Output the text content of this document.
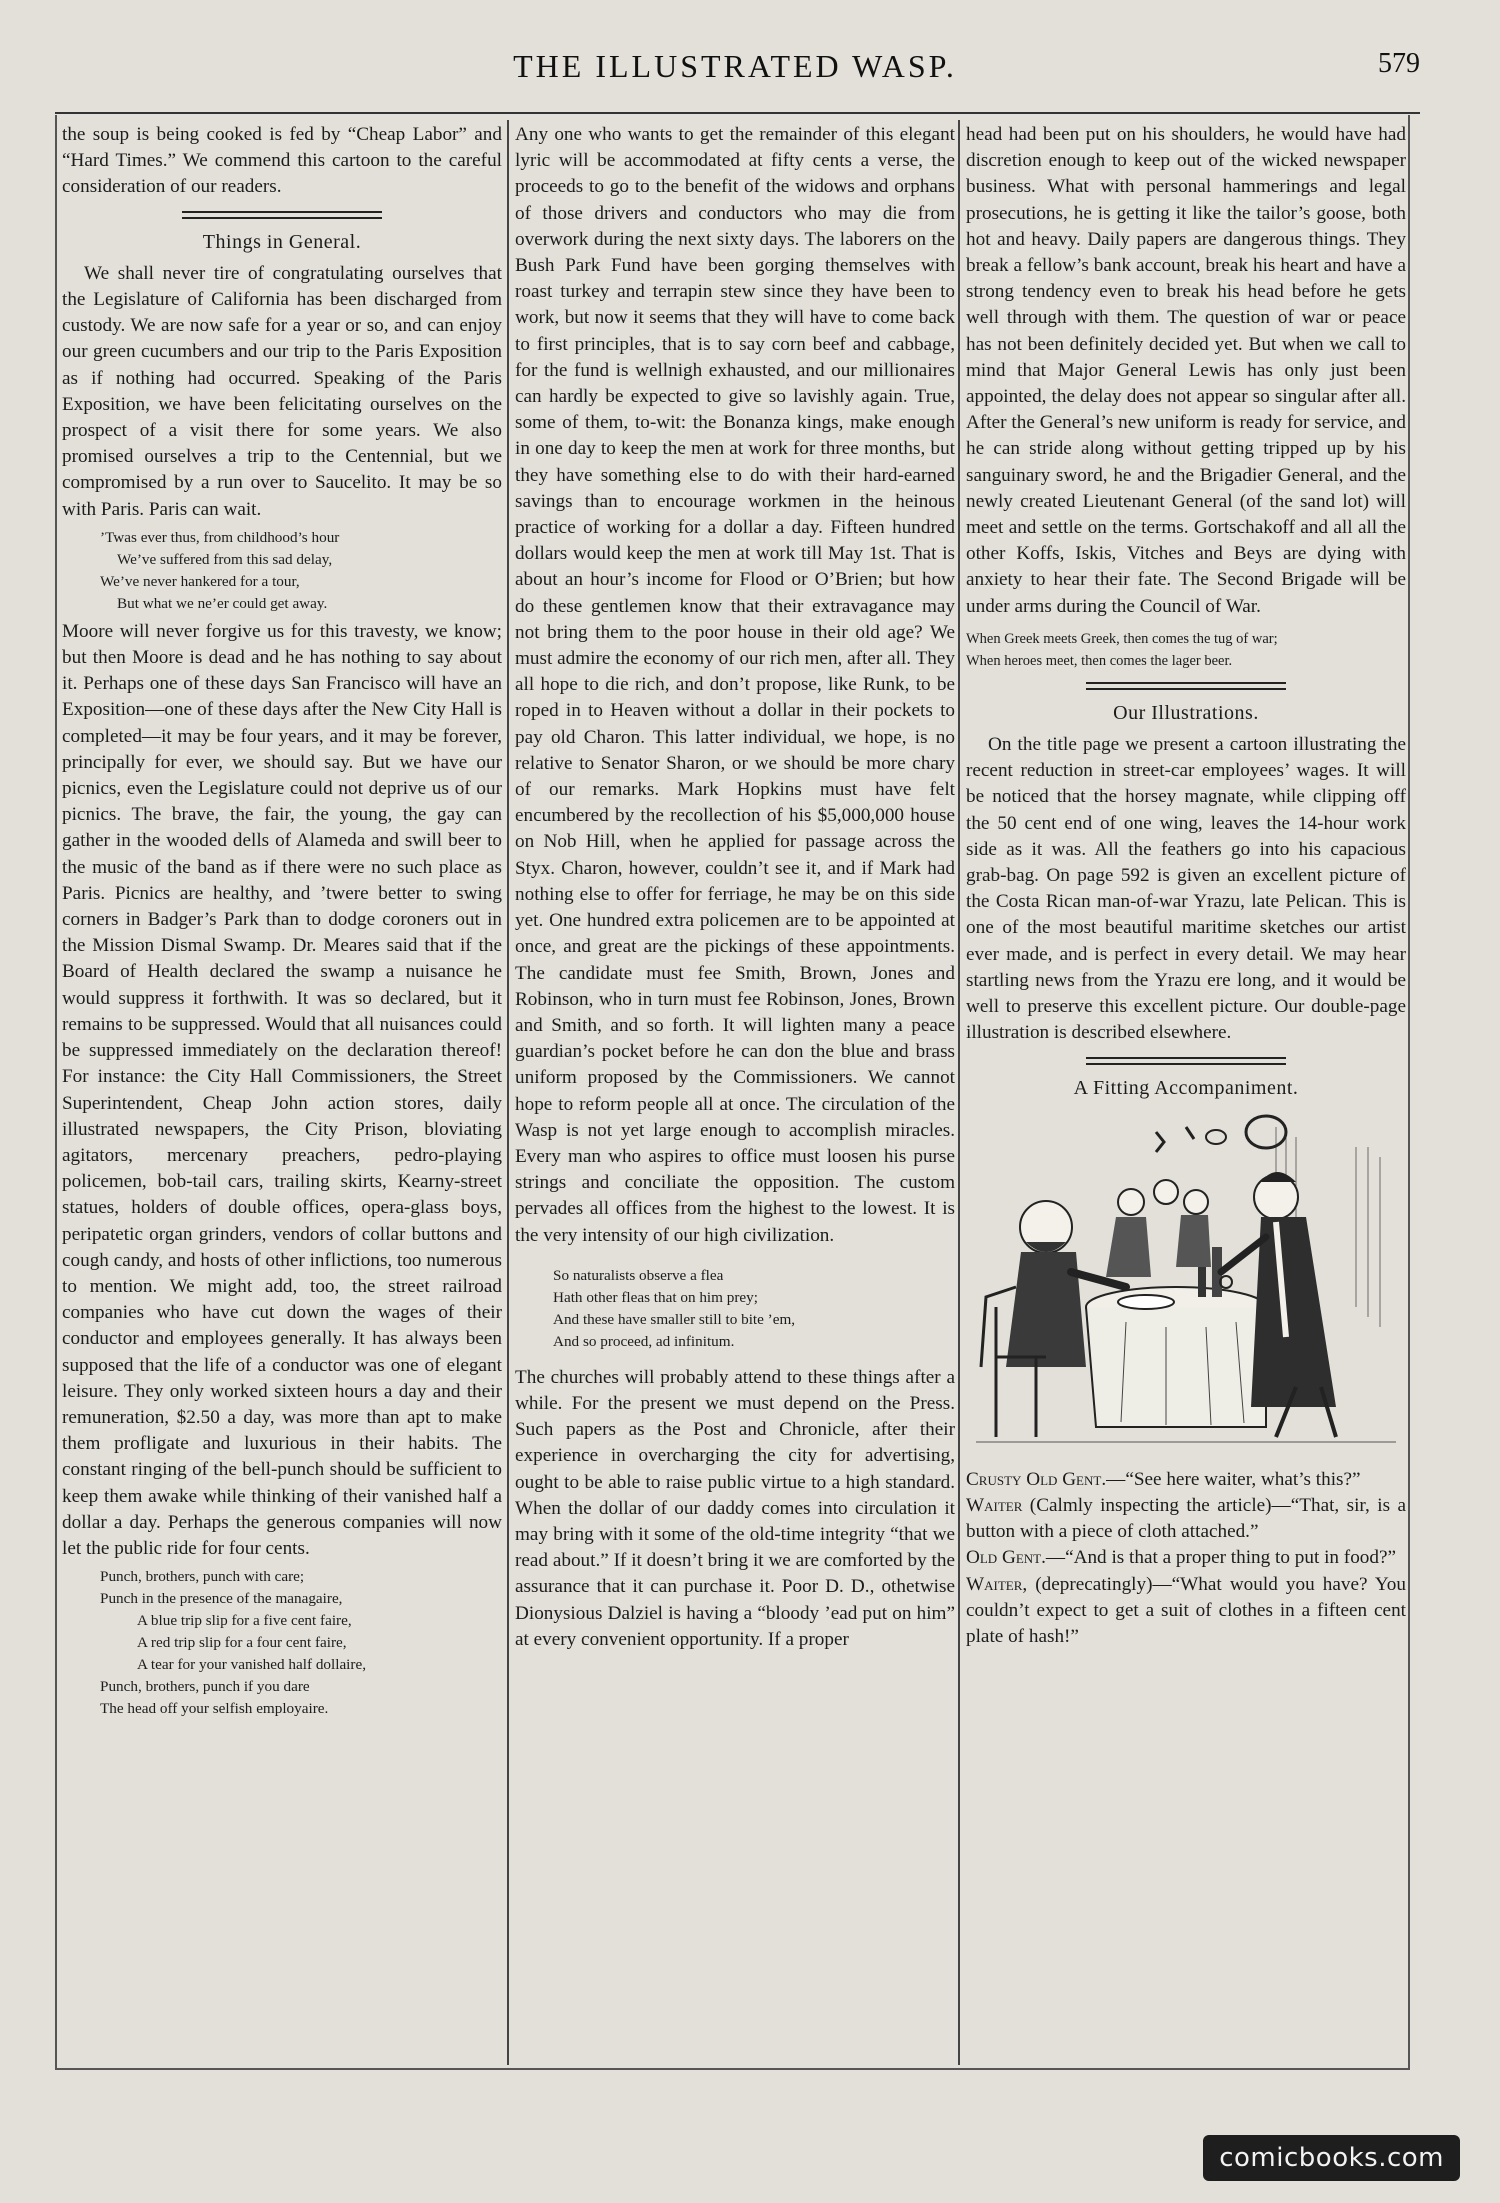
THE ILLUSTRATED WASP.	579

the soup is being cooked is fed by “Cheap Labor” and “Hard Times.” We commend this cartoon to the careful consideration of our readers.

Things in General.

We shall never tire of congratulating ourselves that the Legislature of California has been discharged from custody. We are now safe for a year or so, and can enjoy our green cucumbers and our trip to the Paris Exposition as if nothing had occurred. Speaking of the Paris Exposition, we have been felicitating ourselves on the prospect of a visit there for some years. We also promised ourselves a trip to the Centennial, but we compromised by a run over to Saucelito. It may be so with Paris. Paris can wait.

’Twas ever thus, from childhood’s hour
We’ve suffered from this sad delay,
We’ve never hankered for a tour,
But what we ne’er could get away.

Moore will never forgive us for this travesty, we know; but then Moore is dead and he has nothing to say about it. Perhaps one of these days San Francisco will have an Exposition—one of these days after the New City Hall is completed—it may be four years, and it may be forever, principally for ever, we should say. But we have our picnics, even the Legislature could not deprive us of our picnics. The brave, the fair, the young, the gay can gather in the wooded dells of Alameda and swill beer to the music of the band as if there were no such place as Paris. Picnics are healthy, and ’twere better to swing corners in Badger’s Park than to dodge coroners out in the Mission Dismal Swamp. Dr. Meares said that if the Board of Health declared the swamp a nuisance he would suppress it forthwith. It was so declared, but it remains to be suppressed. Would that all nuisances could be suppressed immediately on the declaration thereof! For instance: the City Hall Commissioners, the Street Superintendent, Cheap John action stores, daily illustrated newspapers, the City Prison, bloviating agitators, mercenary preachers, pedro-playing policemen, bob-tail cars, trailing skirts, Kearny-street statues, holders of double offices, opera-glass boys, peripatetic organ grinders, vendors of collar buttons and cough candy, and hosts of other inflictions, too numerous to mention. We might add, too, the street railroad companies who have cut down the wages of their conductor and employees generally. It has always been supposed that the life of a conductor was one of elegant leisure. They only worked sixteen hours a day and their remuneration, $2.50 a day, was more than apt to make them profligate and luxurious in their habits. The constant ringing of the bell-punch should be sufficient to keep them awake while thinking of their vanished half a dollar a day. Perhaps the generous companies will now let the public ride for four cents.

Punch, brothers, punch with care;
Punch in the presence of the managaire,
A blue trip slip for a five cent faire,
A red trip slip for a four cent faire,
A tear for your vanished half dollaire,
Punch, brothers, punch if you dare
The head off your selfish employaire.

Any one who wants to get the remainder of this elegant lyric will be accommodated at fifty cents a verse, the proceeds to go to the benefit of the widows and orphans of those drivers and conductors who may die from overwork during the next sixty days. The laborers on the Bush Park Fund have been gorging themselves with roast turkey and terrapin stew since they have been to work, but now it seems that they will have to come back to first principles, that is to say corn beef and cabbage, for the fund is wellnigh exhausted, and our millionaires can hardly be expected to give so lavishly again. True, some of them, to-wit: the Bonanza kings, make enough in one day to keep the men at work for three months, but they have something else to do with their hard-earned savings than to encourage workmen in the heinous practice of working for a dollar a day. Fifteen hundred dollars would keep the men at work till May 1st. That is about an hour’s income for Flood or O’Brien; but how do these gentlemen know that their extravagance may not bring them to the poor house in their old age? We must admire the economy of our rich men, after all. They all hope to die rich, and don’t propose, like Runk, to be roped in to Heaven without a dollar in their pockets to pay old Charon. This latter individual, we hope, is no relative to Senator Sharon, or we should be more chary of our remarks. Mark Hopkins must have felt encumbered by the recollection of his $5,000,000 house on Nob Hill, when he applied for passage across the Styx. Charon, however, couldn’t see it, and if Mark had nothing else to offer for ferriage, he may be on this side yet. One hundred extra policemen are to be appointed at once, and great are the pickings of these appointments. The candidate must fee Smith, Brown, Jones and Robinson, who in turn must fee Robinson, Jones, Brown and Smith, and so forth. It will lighten many a peace guardian’s pocket before he can don the blue and brass uniform proposed by the Commissioners. We cannot hope to reform people all at once. The circulation of the Wasp is not yet large enough to accomplish miracles. Every man who aspires to office must loosen his purse strings and conciliate the opposition. The custom pervades all offices from the highest to the lowest. It is the very intensity of our high civilization.

So naturalists observe a flea
Hath other fleas that on him prey;
And these have smaller still to bite ’em,
And so proceed, ad infinitum.

The churches will probably attend to these things after a while. For the present we must depend on the Press. Such papers as the Post and Chronicle, after their experience in overcharging the city for advertising, ought to be able to raise public virtue to a high standard. When the dollar of our daddy comes into circulation it may bring with it some of the old-time integrity “that we read about.” If it doesn’t bring it we are comforted by the assurance that it can purchase it. Poor D. D., othetwise Dionysious Dalziel is having a “bloody ’ead put on him” at every convenient opportunity. If a proper

head had been put on his shoulders, he would have had discretion enough to keep out of the wicked newspaper business. What with personal hammerings and legal prosecutions, he is getting it like the tailor’s goose, both hot and heavy. Daily papers are dangerous things. They break a fellow’s bank account, break his heart and have a strong tendency even to break his head before he gets well through with them. The question of war or peace has not been definitely decided yet. But when we call to mind that Major General Lewis has only just been appointed, the delay does not appear so singular after all. After the General’s new uniform is ready for service, and he can stride along without getting tripped up by his sanguinary sword, he and the Brigadier General, and the newly created Lieutenant General (of the sand lot) will meet and settle on the terms. Gortschakoff and all all the other Koffs, Iskis, Vitches and Beys are dying with anxiety to hear their fate. The Second Brigade will be under arms during the Council of War.

When Greek meets Greek, then comes the tug of war;
When heroes meet, then comes the lager beer.
Our Illustrations.

On the title page we present a cartoon illustrating the recent reduction in street-car employees’ wages. It will be noticed that the horsey magnate, while clipping off the 50 cent end of one wing, leaves the 14-hour work side as it was. All the feathers go into his capacious grab-bag. On page 592 is given an excellent picture of the Costa Rican man-of-war Yrazu, late Pelican. This is one of the most beautiful maritime sketches our artist ever made, and is perfect in every detail. We may hear startling news from the Yrazu ere long, and it would be well to preserve this excellent picture. Our double-page illustration is described elsewhere.

A Fitting Accompaniment.

Crusty Old Gent.—“See here waiter, what’s this?”

Waiter (Calmly inspecting the article)—“That, sir, is a button with a piece of cloth attached.”

Old Gent.—“And is that a proper thing to put in food?”

Waiter, (deprecatingly)—“What would you have? You couldn’t expect to get a suit of clothes in a fifteen cent plate of hash!”

comicbooks.com
